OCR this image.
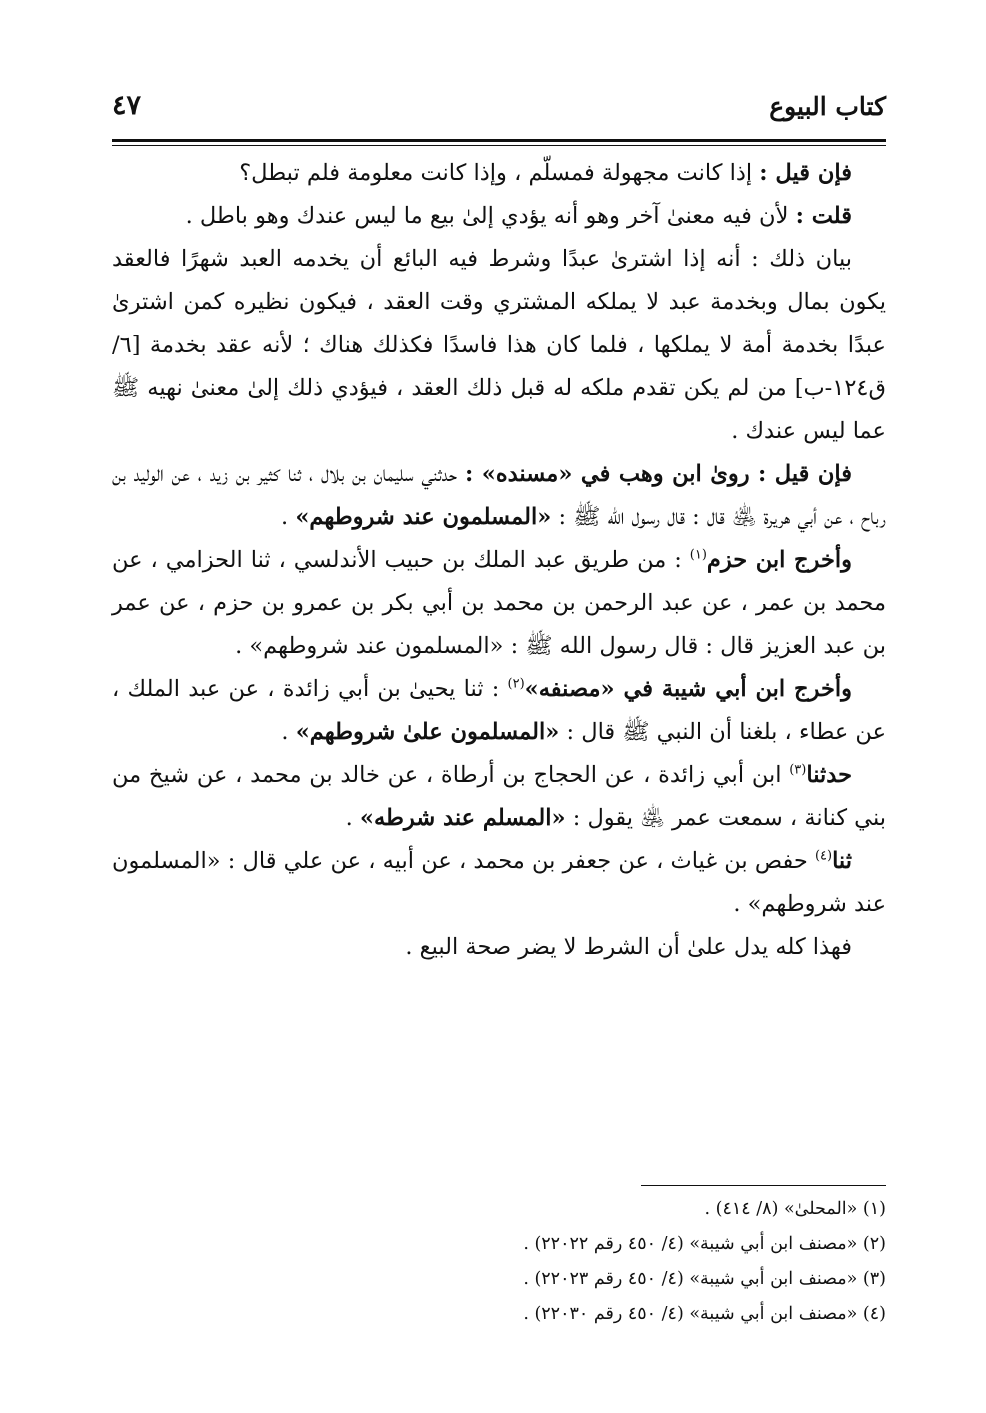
كتاب البيوع
٤٧

فإن قيل : إذا كانت مجهولة فمسلّم ، وإذا كانت معلومة فلم تبطل؟

قلت : لأن فيه معنىٰ آخر وهو أنه يؤدي إلىٰ بيع ما ليس عندك وهو باطل .

بيان ذلك : أنه إذا اشترىٰ عبدًا وشرط فيه البائع أن يخدمه العبد شهرًا فالعقد يكون بمال وبخدمة عبد لا يملكه المشتري وقت العقد ، فيكون نظيره كمن اشترىٰ عبدًا بخدمة أمة لا يملكها ، فلما كان هذا فاسدًا فكذلك هناك ؛ لأنه عقد بخدمة [٦/ ق١٢٤-ب] من لم يكن تقدم ملكه له قبل ذلك العقد ، فيؤدي ذلك إلىٰ معنىٰ نهيه ﷺ عما ليس عندك .

فإن قيل : روىٰ ابن وهب في «مسنده» : حدثني سليمان بن بلال ، ثنا كثير بن زيد ، عن الوليد بن رباح ، عن أبي هريرة ﵁ قال : قال رسول الله ﷺ : «المسلمون عند شروطهم» .

وأخرج ابن حزم$^{(١)}$ : من طريق عبد الملك بن حبيب الأندلسي ، ثنا الحزامي ، عن محمد بن عمر ، عن عبد الرحمن بن محمد بن أبي بكر بن عمرو بن حزم ، عن عمر بن عبد العزيز قال : قال رسول الله ﷺ : «المسلمون عند شروطهم» .

وأخرج ابن أبي شيبة في «مصنفه»$^{(٢)}$ : ثنا يحيىٰ بن أبي زائدة ، عن عبد الملك ، عن عطاء ، بلغنا أن النبي ﷺ قال : «المسلمون علىٰ شروطهم» .

حدثنا$^{(٣)}$ ابن أبي زائدة ، عن الحجاج بن أرطاة ، عن خالد بن محمد ، عن شيخ من بني كنانة ، سمعت عمر ﵁ يقول : «المسلم عند شرطه» .

ثنا$^{(٤)}$ حفص بن غياث ، عن جعفر بن محمد ، عن أبيه ، عن علي قال : «المسلمون عند شروطهم» .

فهذا كله يدل علىٰ أن الشرط لا يضر صحة البيع .

(١) «المحلىٰ» (٨/ ٤١٤) .

(٢) «مصنف ابن أبي شيبة» (٤/ ٤٥٠ رقم ٢٢٠٢٢) .

(٣) «مصنف ابن أبي شيبة» (٤/ ٤٥٠ رقم ٢٢٠٢٣) .

(٤) «مصنف ابن أبي شيبة» (٤/ ٤٥٠ رقم ٢٢٠٣٠) .
